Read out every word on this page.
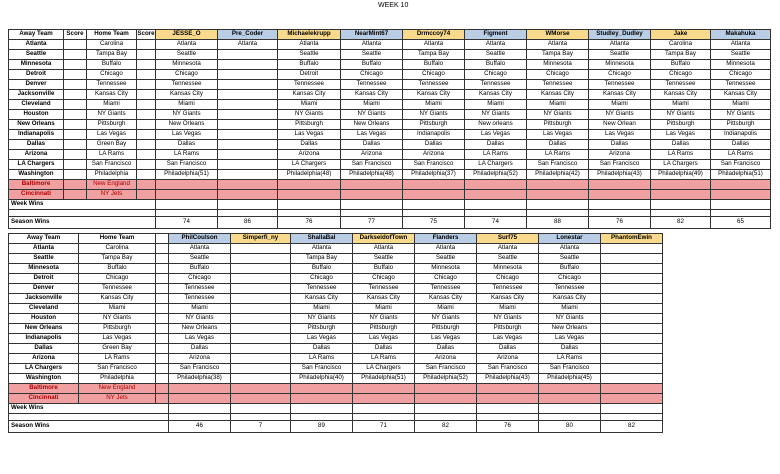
WEEK 10
Away Team	Score	Home Team	Score	JESSE_O	Pre_Coder	Michaelekrupp	NearMint67	Drmccoy74	Figment	WMorse	Studley_Dudley	Jake	Makahuka
Atlanta		Carolina		Atlanta	Atlanta	Atlanta	Atlanta	Atlanta	Atlanta	Atlanta	Atlanta	Carolina	Atlanta
Seattle		Tampa Bay		Seattle		Seattle	Seattle	Tampa Bay	Seattle	Tampa Bay	Seattle	Tampa Bay	Seattle
Minnesota		Buffalo		Minnesota		Buffalo	Buffalo	Buffalo	Buffalo	Minnesota	Minnesota	Buffalo	Minnesota
Detroit		Chicago		Chicago		Detroit	Chicago	Chicago	Chicago	Chicago	Chicago	Chicago	Chicago
Denver		Tennessee		Tennessee		Tennessee	Tennessee	Tennessee	Tennessee	Tennessee	Tennessee	Tennessee	Tennessee
Jacksonville		Kansas City		Kansas City		Kansas City	Kansas City	Kansas City	Kansas City	Kansas City	Kansas City	Kansas City	Kansas City
Cleveland		Miami		Miami		Miami	Miami	Miami	Miami	Miami	Miami	Miami	Miami
Houston		NY Giants		NY Giants		NY Giants	NY Giants	NY Giants	NY Giants	NY Giants	NY Giants	NY Giants	NY Giants
New Orleans		Pittsburgh		New Orleans		Pittsburgh	New Orleans	Pittsburgh	New orleans	Pittsburgh	New Orlean	Pittsburgh	Pittsburgh
Indianapolis		Las Vegas		Las Vegas		Las Vegas	Las Vegas	Indianapolis	Las Vegas	Las Vegas	Las Vegas	Las Vegas	Indianapolis
Dallas		Green Bay		Dallas		Dallas	Dallas	Dallas	Dallas	Dallas	Dallas	Dallas	Dallas
Arizona		LA Rams		LA Rams		Arizona	Arizona	Arizona	LA Rams	LA Rams	Arizona	LA Rams	LA Rams
LA Chargers		San Francisco		San Francisco		LA Chargers	San Francisco	San Francisco	LA Chargers	San Francisco	San Francisco	LA Chargers	San Francisco
Washington		Philadelphia		Philadelphia(51)		Philadelphia(48)	Philadelphia(48)	Philadelphia(37)	Philadelphia(52)	Philadelphia(42)	Philadelphia(43)	Philadelphia(49)	Philadelphia(51)
Baltimore		New England											
Cincinnati		NY Jets											
Week Wins													

Season Wins				74	86	76	77	75	74	88	76	82	65
Away Team	Home Team		PhilCoulson	Simperfi_ny	ShallaBal	DarkseidofTown	Flanders	Surf75	Lonestar	PhantomEwin	
Atlanta	Carolina		Atlanta		Atlanta	Atlanta	Atlanta	Atlanta	Atlanta		
Seattle	Tampa Bay		Seattle		Tampa Bay	Seattle	Seattle	Seattle	Seattle		
Minnesota	Buffalo		Buffalo		Buffalo	Buffalo	Minnesota	Minnesota	Buffalo		
Detroit	Chicago		Chicago		Chicago	Chicago	Chicago	Chicago	Chicago		
Denver	Tennessee		Tennessee		Tennessee	Tennessee	Tennessee	Tennessee	Tennessee		
Jacksonville	Kansas City		Tennessee		Kansas City	Kansas City	Kansas City	Kansas City	Kansas City		
Cleveland	Miami		Miami		Miami	Miami	Miami	Miami	Miami		
Houston	NY Giants		NY Giants		NY Giants	NY Giants	NY Giants	NY Giants	NY Giants		
New Orleans	Pittsburgh		New Orleans		Pittsburgh	Pittsburgh	Pittsburgh	Pittsburgh	New Orleans		
Indianapolis	Las Vegas		Las Vegas		Las Vegas	Las Vegas	Las Vegas	Las Vegas	Las Vegas		
Dallas	Green Bay		Dallas		Dallas	Dallas	Dallas	Dallas	Dallas		
Arizona	LA Rams		Arizona		LA Rams	LA Rams	Arizona	Arizona	LA Rams		
LA Chargers	San Francisco		San Francisco		San Francisco	LA Chargers	San Francisco	San Francisco	San Francisco		
Washington	Philadelphia		Philadelphia(38)		Philadelphia(40)	Philadelphia(51)	Philadelphia(52)	Philadelphia(43)	Philadelphia(45)		
Baltimore	New England										
Cincinnati	NY Jets										
Week Wins											

Season Wins			46	7	89	71	82	76	80	82	
